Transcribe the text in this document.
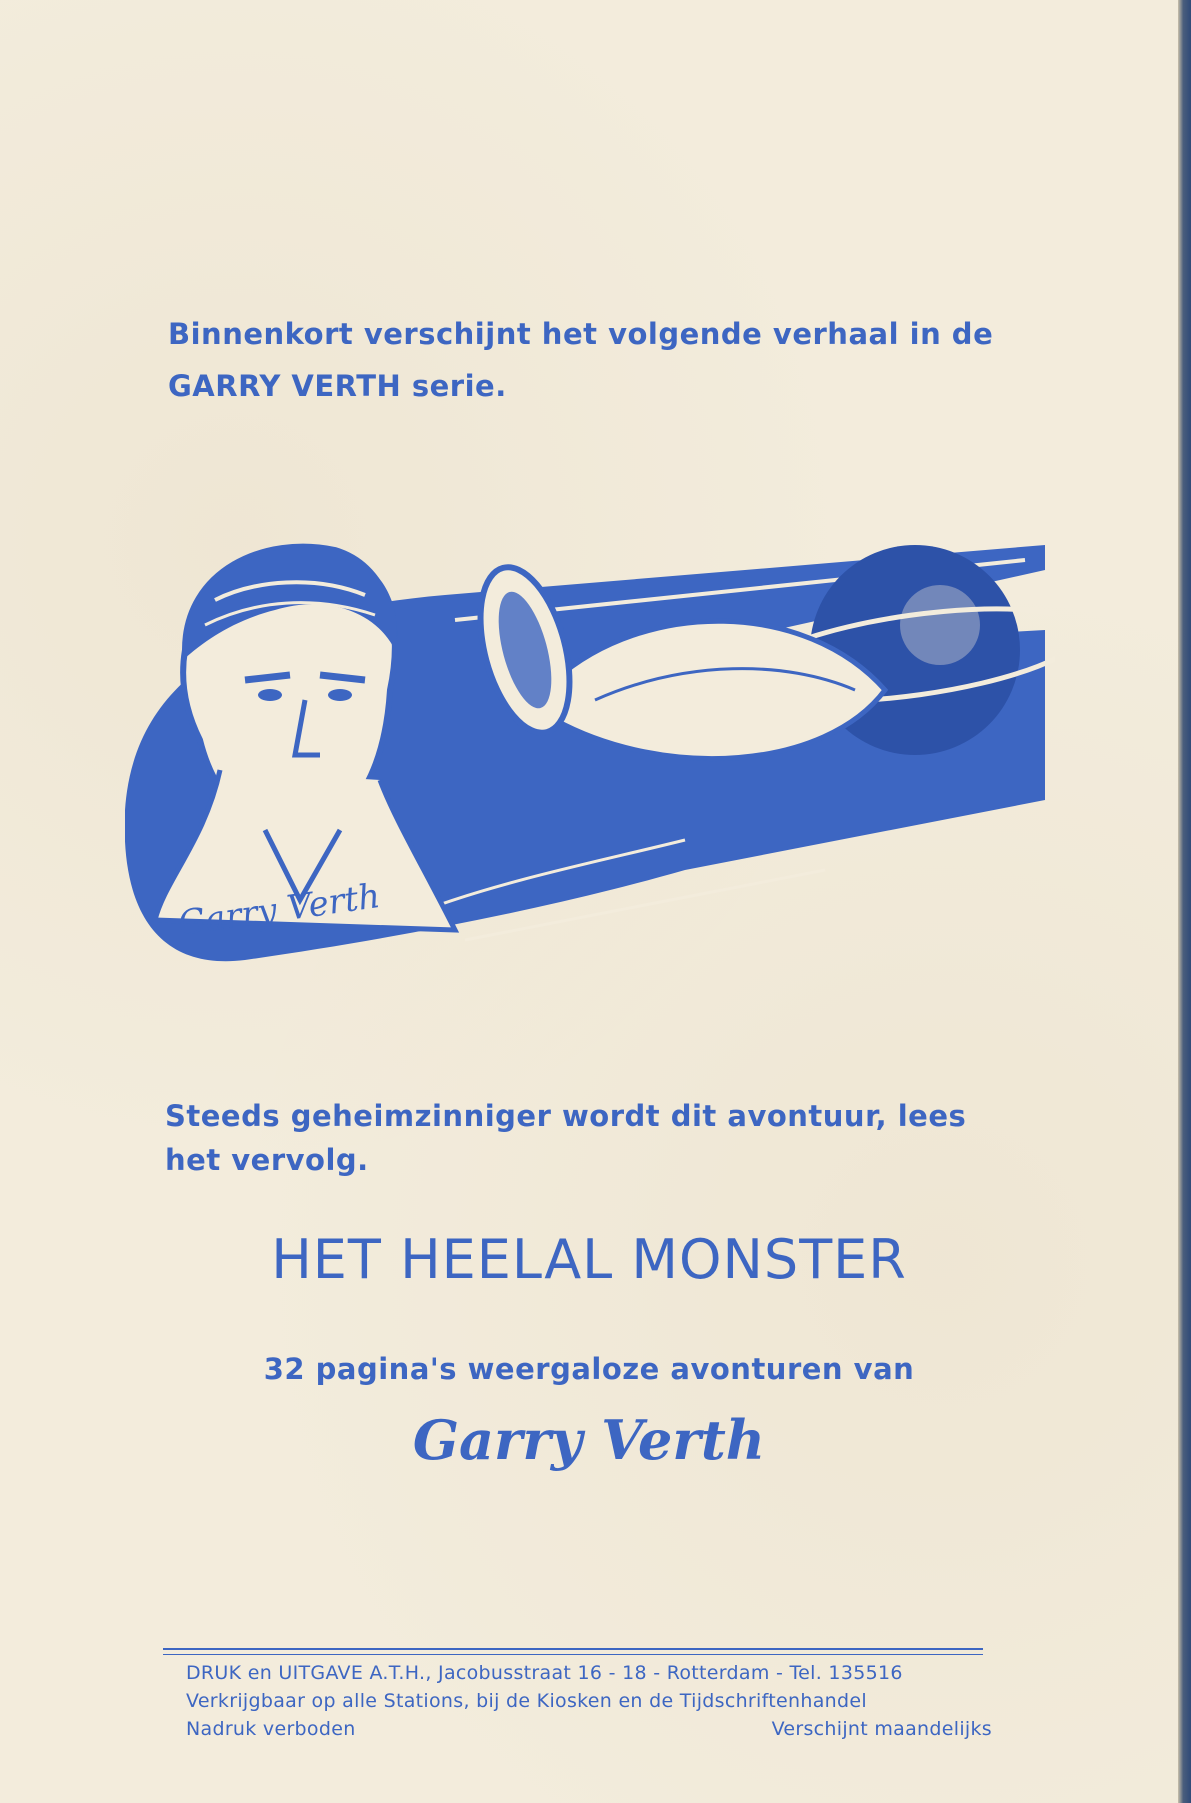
Binnenkort verschijnt het volgende verhaal in de
GARRY VERTH serie.

Garry Verth

Steeds geheimzinniger wordt dit avontuur, lees
het vervolg.

HET HEELAL MONSTER

32 pagina's weergaloze avonturen van

Garry Verth

DRUK en UITGAVE A.T.H., Jacobusstraat 16 - 18 - Rotterdam - Tel. 135516
Verkrijgbaar op alle Stations, bij de Kiosken en de Tijdschriftenhandel
Nadruk verboden	Verschijnt maandelijks
